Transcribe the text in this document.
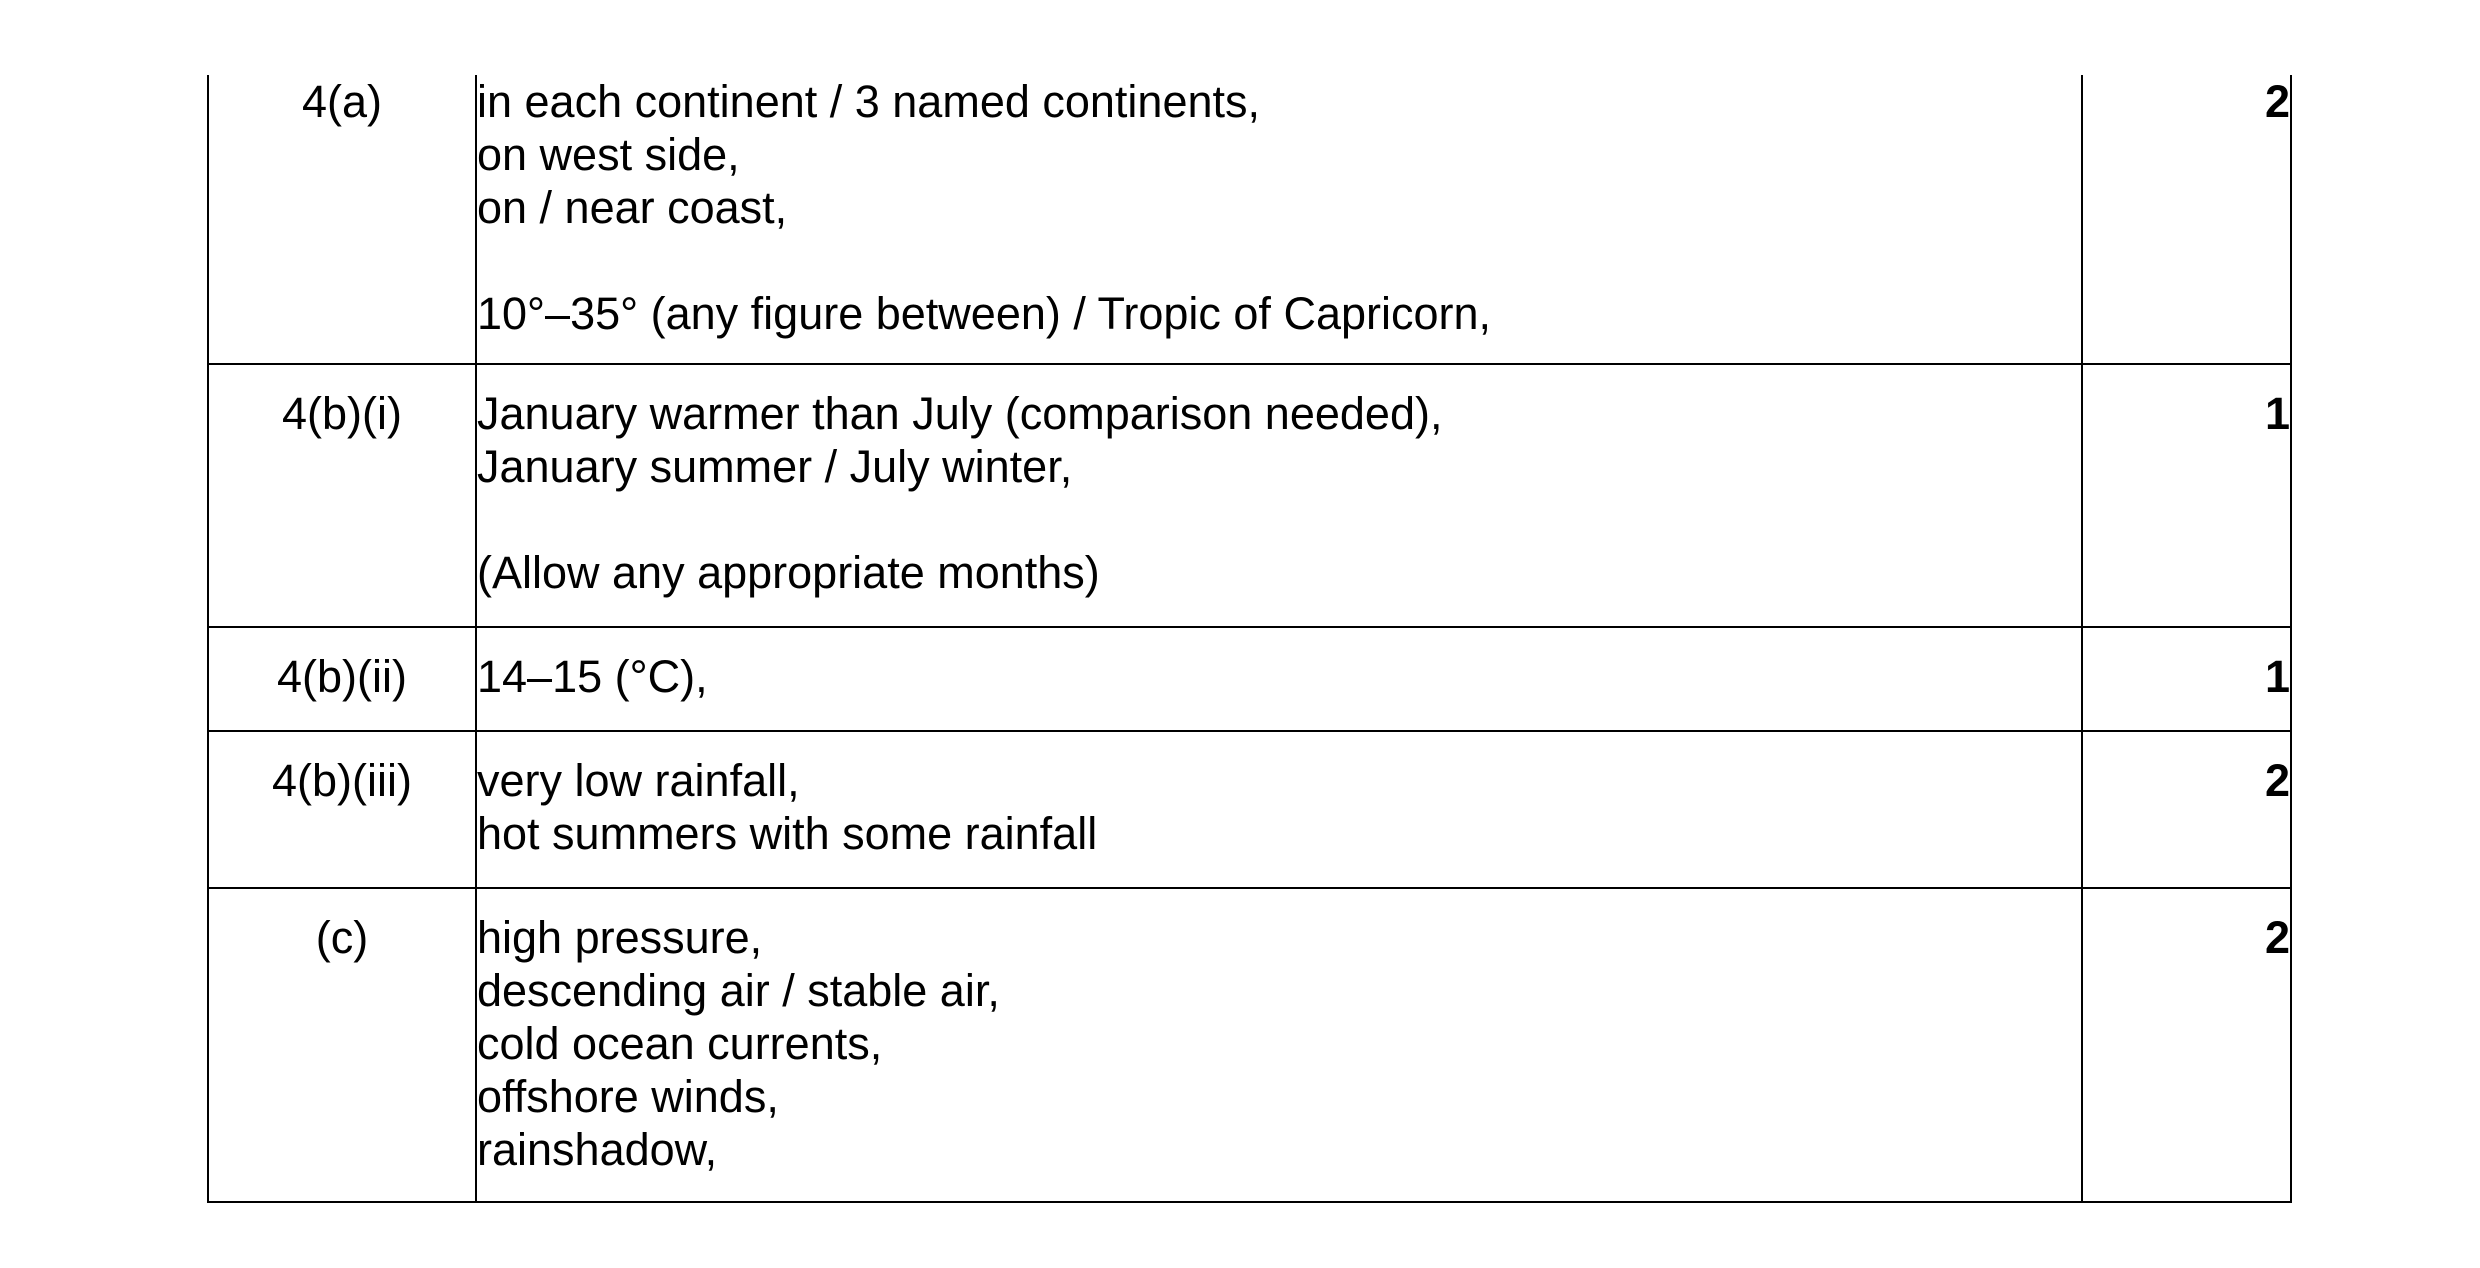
4(a)	in each continent / 3 named continents,
on west side,
on / near coast,
10°–35° (any figure between) / Tropic of Capricorn,	2

4(b)(i)	January warmer than July (comparison needed),
January summer / July winter,
(Allow any appropriate months)	1

4(b)(ii)	14–15 (°C),	1

4(b)(iii)	very low rainfall,
hot summers with some rainfall	2

(c)	high pressure,
descending air / stable air,
cold ocean currents,
offshore winds,
rainshadow,	2
